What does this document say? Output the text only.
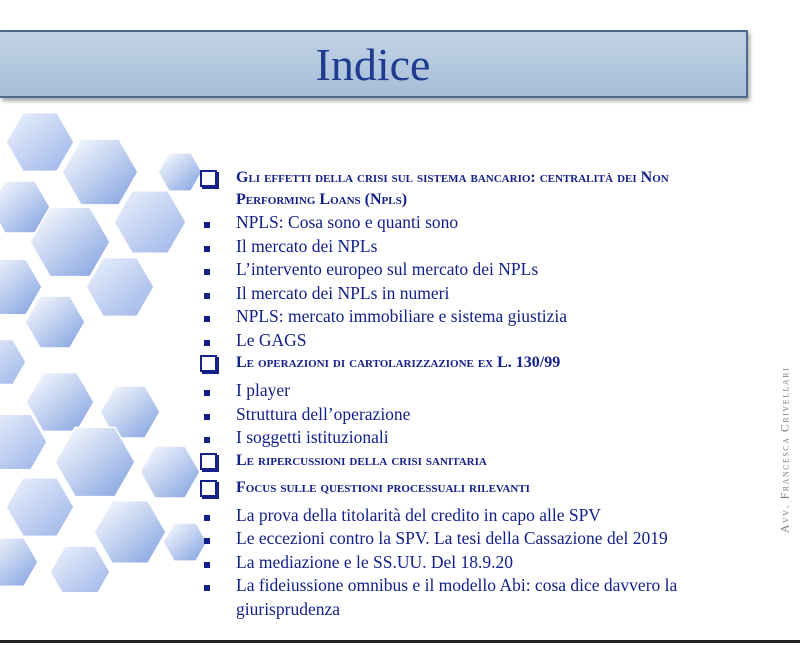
Indice
Gli effetti della crisi sul sistema bancario: centralità dei Non Performing Loans (Npls)
NPLS: Cosa sono e quanti sono
Il mercato dei NPLs
L’intervento europeo sul mercato dei NPLs
Il mercato dei NPLs in numeri
NPLS: mercato immobiliare e sistema giustizia
Le GAGS
Le operazioni di cartolarizzazione ex L. 130/99
I player
Struttura dell’operazione
I soggetti istituzionali
Le ripercussioni della crisi sanitaria
Focus sulle questioni processuali rilevanti
La prova della titolarità del credito in capo alle SPV
Le eccezioni contro la SPV. La tesi della Cassazione del 2019
La mediazione e le SS.UU. Del 18.9.20
La fideiussione omnibus e il modello Abi: cosa dice davvero la giurisprudenza
Avv. Francesca Crivellari
